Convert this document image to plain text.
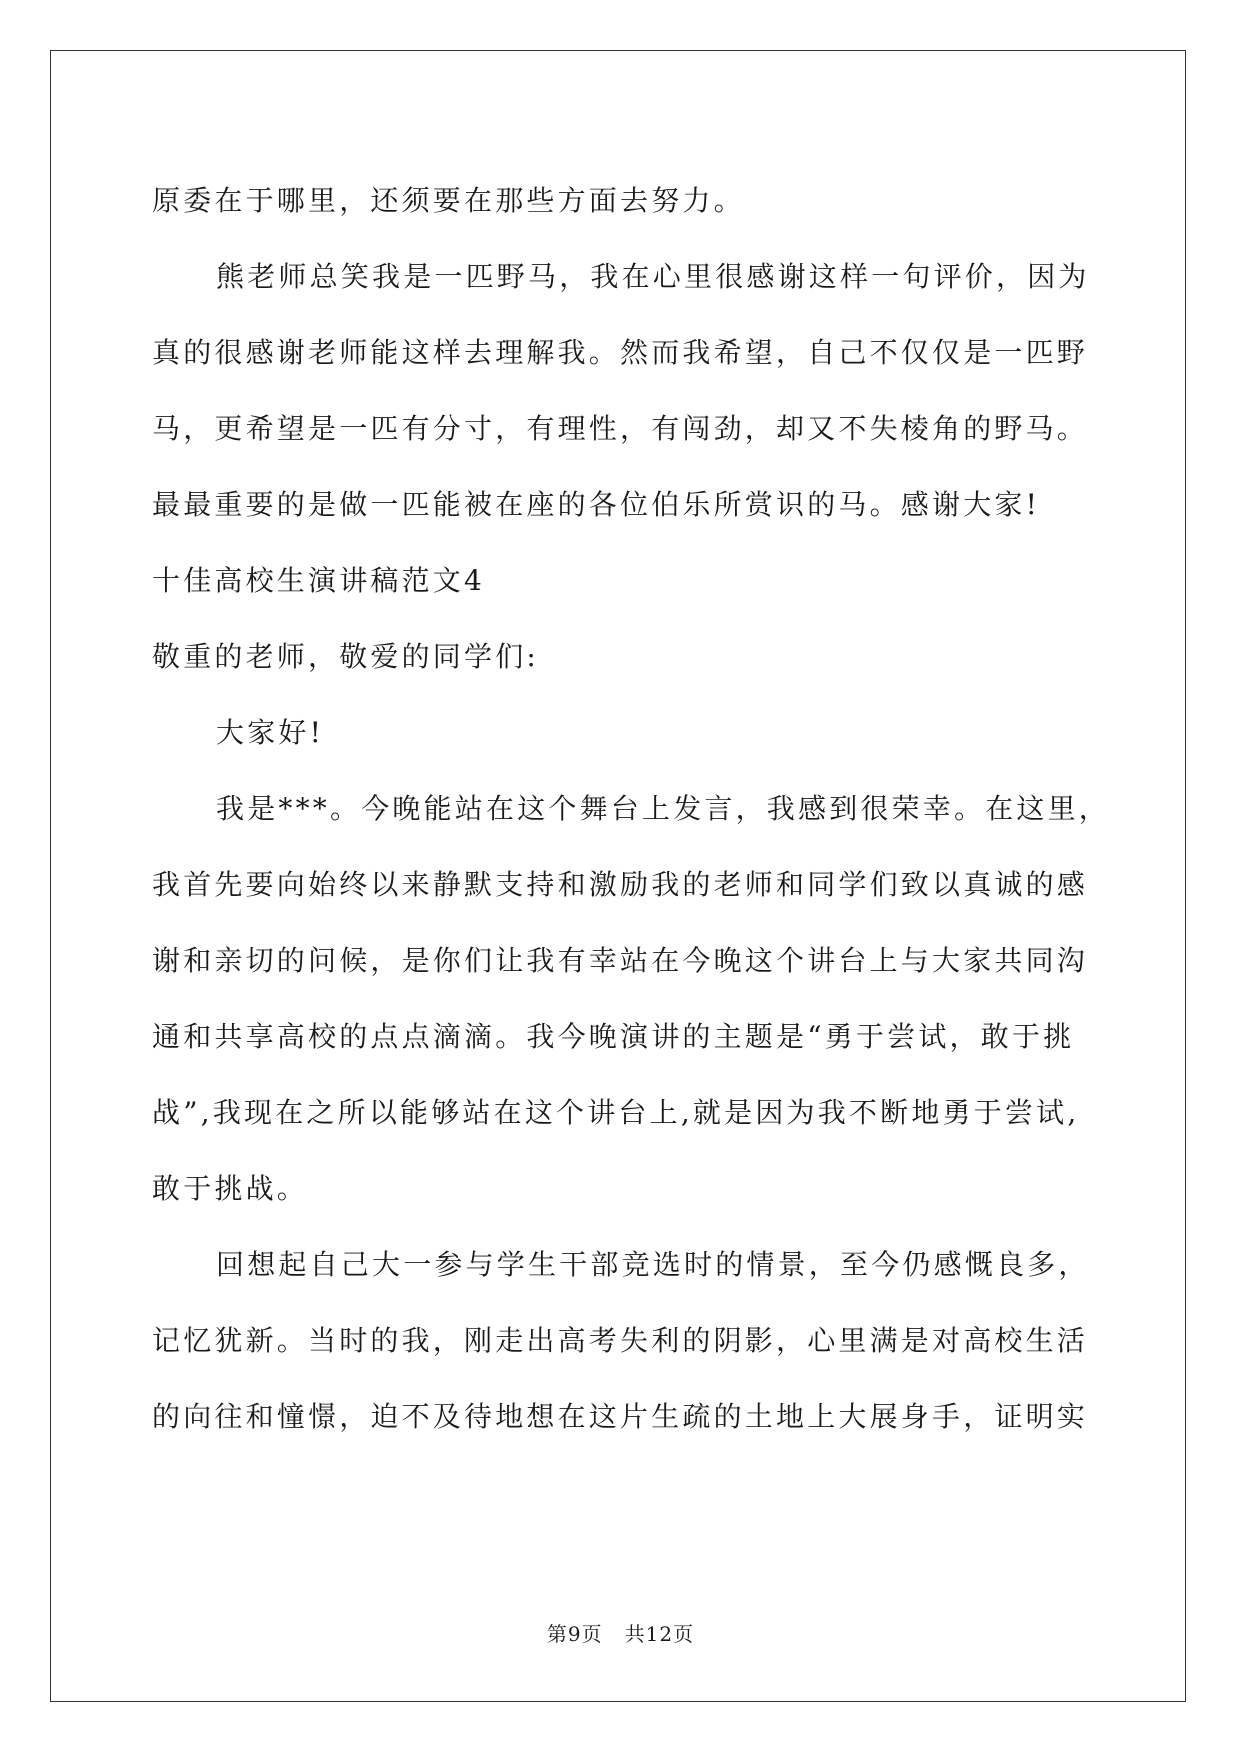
原委在于哪里，还须要在那些方面去努力。

熊老师总笑我是一匹野马，我在心里很感谢这样一句评价，因为

真的很感谢老师能这样去理解我。然而我希望，自己不仅仅是一匹野

马，更希望是一匹有分寸，有理性，有闯劲，却又不失棱角的野马。

最最重要的是做一匹能被在座的各位伯乐所赏识的马。感谢大家!

十佳高校生演讲稿范文4

敬重的老师，敬爱的同学们:

大家好!

我是***。今晚能站在这个舞台上发言，我感到很荣幸。在这里，

我首先要向始终以来静默支持和激励我的老师和同学们致以真诚的感

谢和亲切的问候，是你们让我有幸站在今晚这个讲台上与大家共同沟

通和共享高校的点点滴滴。我今晚演讲的主题是“勇于尝试，敢于挑

战”,我现在之所以能够站在这个讲台上,就是因为我不断地勇于尝试,

敢于挑战。

回想起自己大一参与学生干部竞选时的情景，至今仍感慨良多，

记忆犹新。当时的我，刚走出高考失利的阴影，心里满是对高校生活

的向往和憧憬，迫不及待地想在这片生疏的土地上大展身手，证明实

第9页 共12页
